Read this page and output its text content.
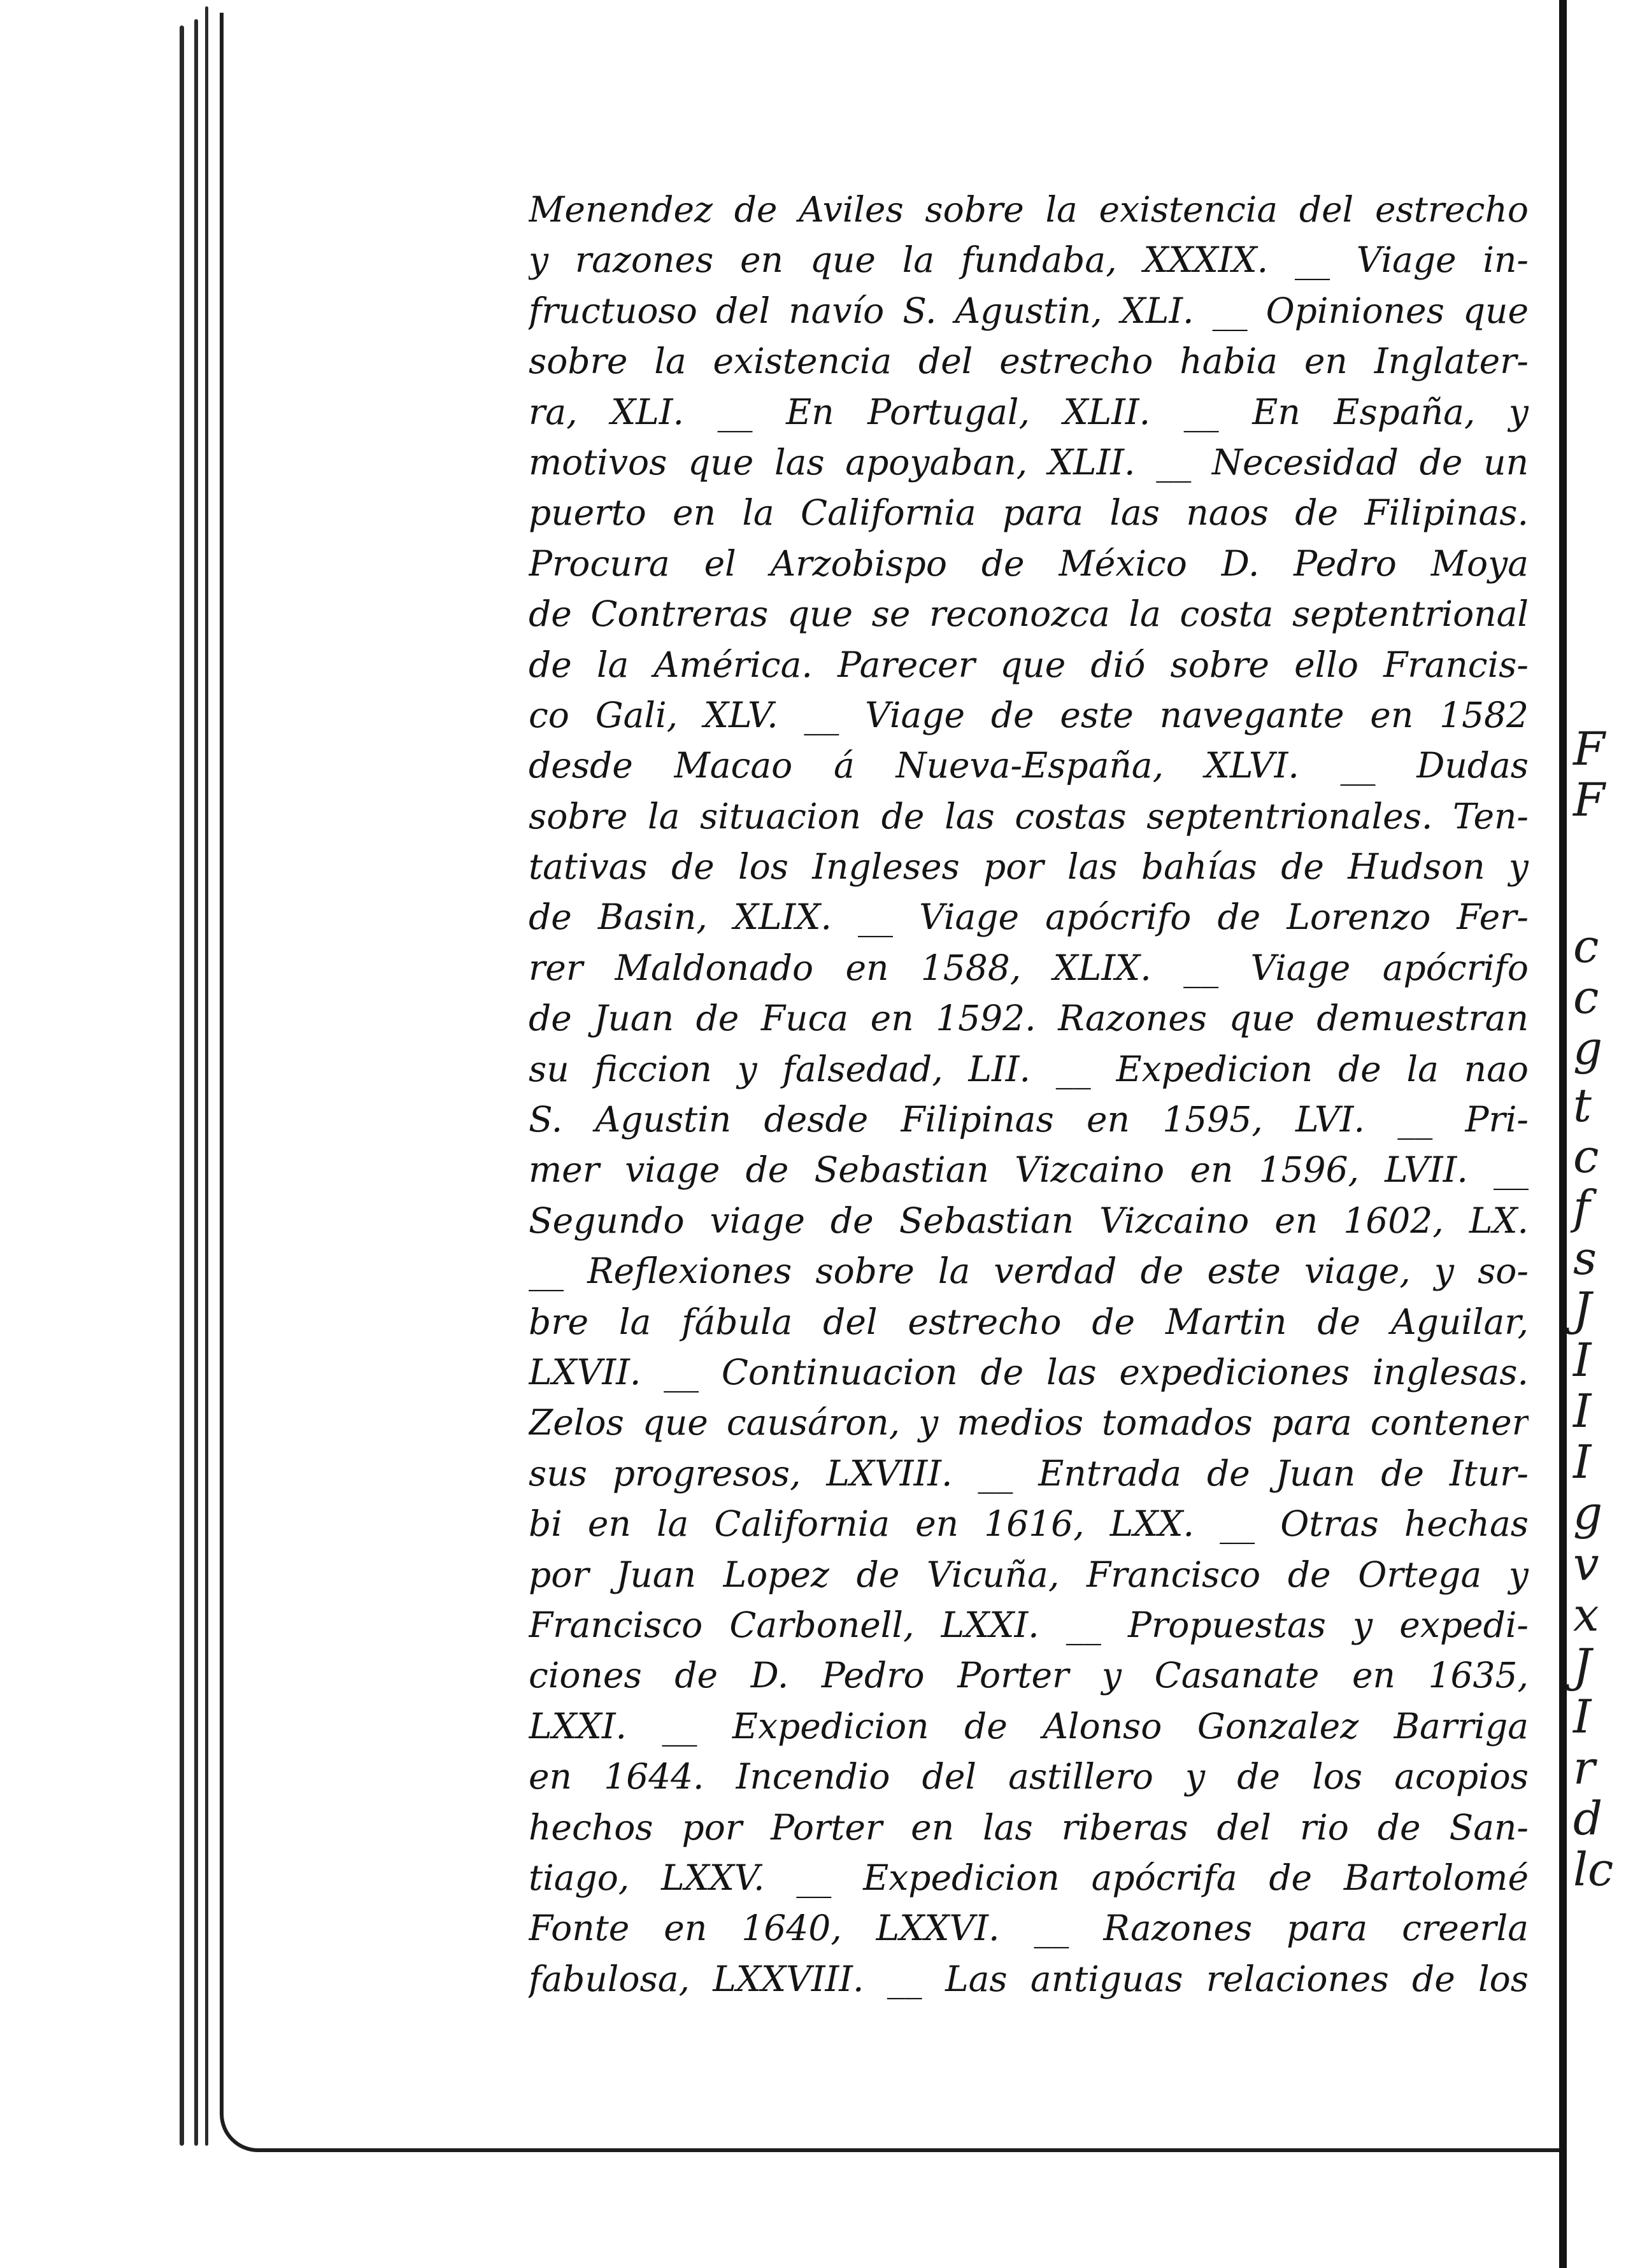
Menendez de Aviles sobre la existencia del estrecho
y razones en que la fundaba, XXXIX. __ Viage in-
fructuoso del navío S. Agustin, XLI. __ Opiniones que
sobre la existencia del estrecho habia en Inglater-
ra, XLI. __ En Portugal, XLII. __ En España, y
motivos que las apoyaban, XLII. __ Necesidad de un
puerto en la California para las naos de Filipinas.
Procura el Arzobispo de México D. Pedro Moya
de Contreras que se reconozca la costa septentrional
de la América. Parecer que dió sobre ello Francis-
co Gali, XLV. __ Viage de este navegante en 1582
desde Macao á Nueva-España, XLVI. __ Dudas
sobre la situacion de las costas septentrionales. Ten-
tativas de los Ingleses por las bahías de Hudson y
de Basin, XLIX. __ Viage apócrifo de Lorenzo Fer-
rer Maldonado en 1588, XLIX. __ Viage apócrifo
de Juan de Fuca en 1592. Razones que demuestran
su ficcion y falsedad, LII. __ Expedicion de la nao
S. Agustin desde Filipinas en 1595, LVI. __ Pri-
mer viage de Sebastian Vizcaino en 1596, LVII. __
Segundo viage de Sebastian Vizcaino en 1602, LX.
__ Reflexiones sobre la verdad de este viage, y so-
bre la fábula del estrecho de Martin de Aguilar,
LXVII. __ Continuacion de las expediciones inglesas.
Zelos que causáron, y medios tomados para contener
sus progresos, LXVIII. __ Entrada de Juan de Itur-
bi en la California en 1616, LXX. __ Otras hechas
por Juan Lopez de Vicuña, Francisco de Ortega y
Francisco Carbonell, LXXI. __ Propuestas y expedi-
ciones de D. Pedro Porter y Casanate en 1635,
LXXI. __ Expedicion de Alonso Gonzalez Barriga
en 1644. Incendio del astillero y de los acopios
hechos por Porter en las riberas del rio de San-
tiago, LXXV. __ Expedicion apócrifa de Bartolomé
Fonte en 1640, LXXVI. __ Razones para creerla
fabulosa, LXXVIII. __ Las antiguas relaciones de los
F
F
c
c
g
t
c
f
s
J
I
I
I
g
v
x
J
I
r
d
lc
